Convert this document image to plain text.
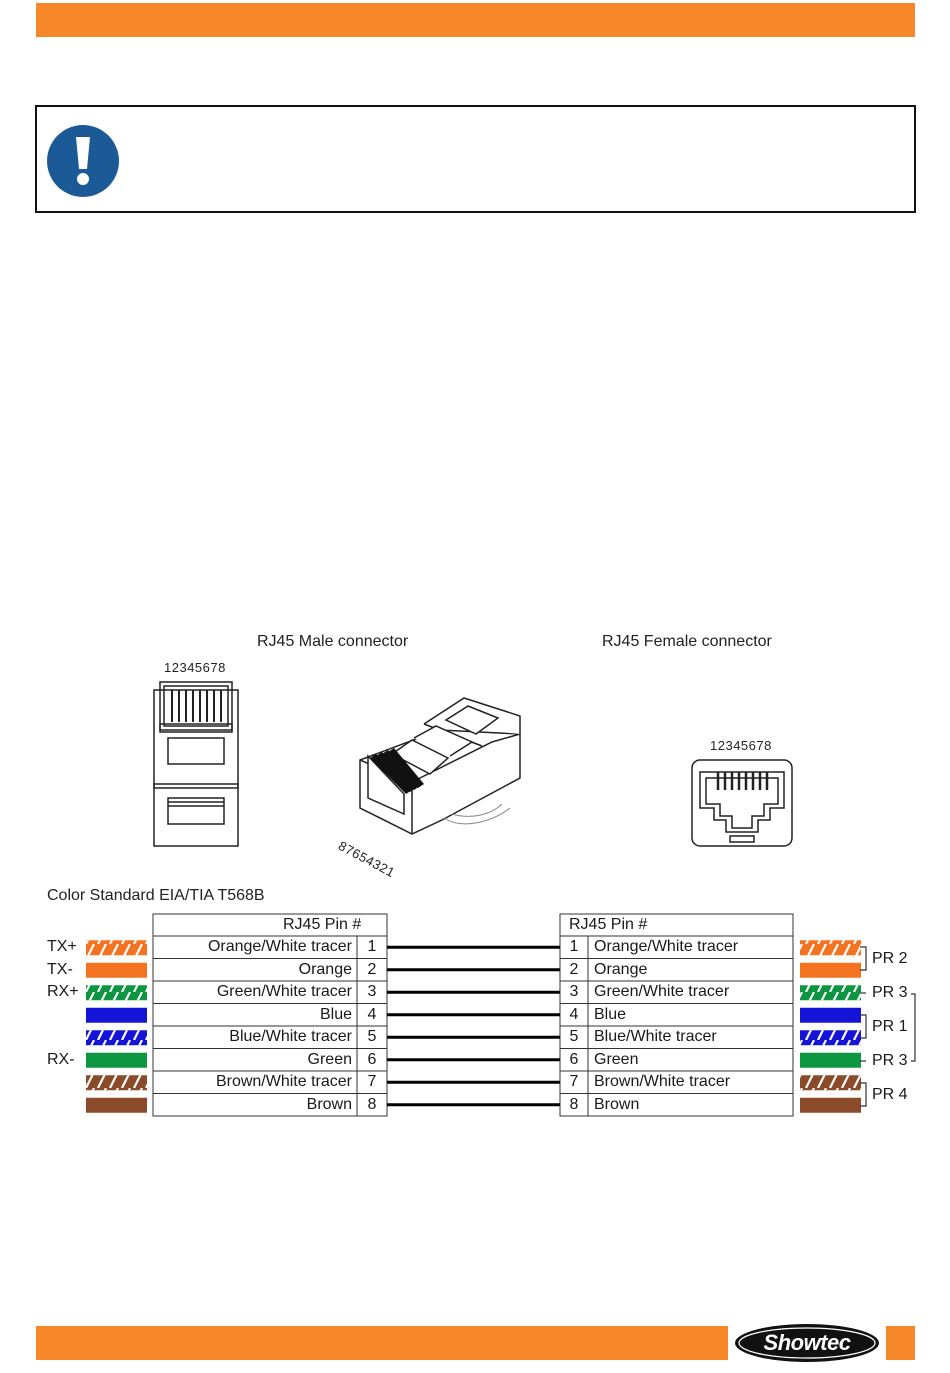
RJ45 Male connector	RJ45 Female connector
12345678
12345678
87654321
Color Standard EIA/TIA T568B
RJ45 Pin #	RJ45 Pin #
TX+	Orange/White tracer 1	1 Orange/White tracer
TX-	Orange 2	2 Orange
RX+	Green/White tracer 3	3 Green/White tracer
Blue 4	4 Blue
Blue/White tracer 5	5 Blue/White tracer
RX-	Green 6	6 Green
Brown/White tracer 7	7 Brown/White tracer
Brown 8	8 Brown
PR 2
PR 3
PR 1
PR 3
PR 4
Showtec
